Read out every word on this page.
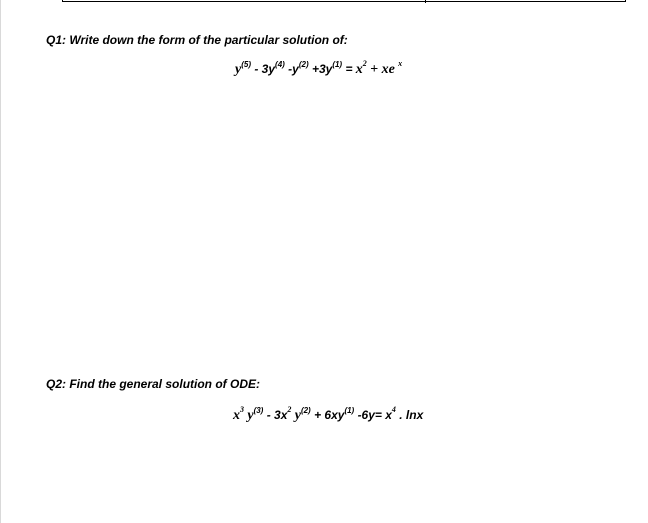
Q1: Write down the form of the particular solution of:
$y^{(5)} - 3y^{(4)}$ $-y^{(2)} +3y^{(1)} = x^2$ + xe $^x$
Q2: Find the general solution of ODE:
$x^3$ $y^{(3)} - 3x^2$ $y^{(2)} + 6xy^{(1)}$ $-6y= x^4$ . lnx
